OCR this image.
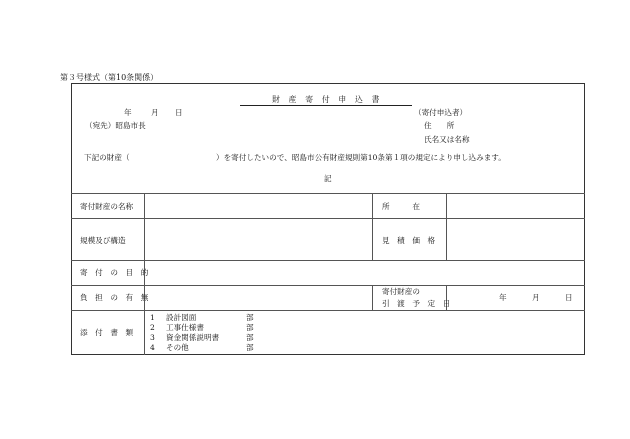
第３号様式（第10条関係）
財　産　寄　付　申　込　書
年	月 日
（宛先）昭島市長
（寄付申込者）
住　　所
氏名又は名称
下記の財産（	）を寄付したいので、昭島市公有財産規則第10条第１項の規定により申し込みます。
記
寄付財産の名称	所　　　在
規模及び構造	見　積　価　格
寄　付　の　目　的
負　担　の　有　無
寄付財産の
引　渡　予　定　日
年	月	日
添　付　書　類
1 設計図面	部
2 工事仕様書	部
3 資金関係説明書	部
4 その他	部
